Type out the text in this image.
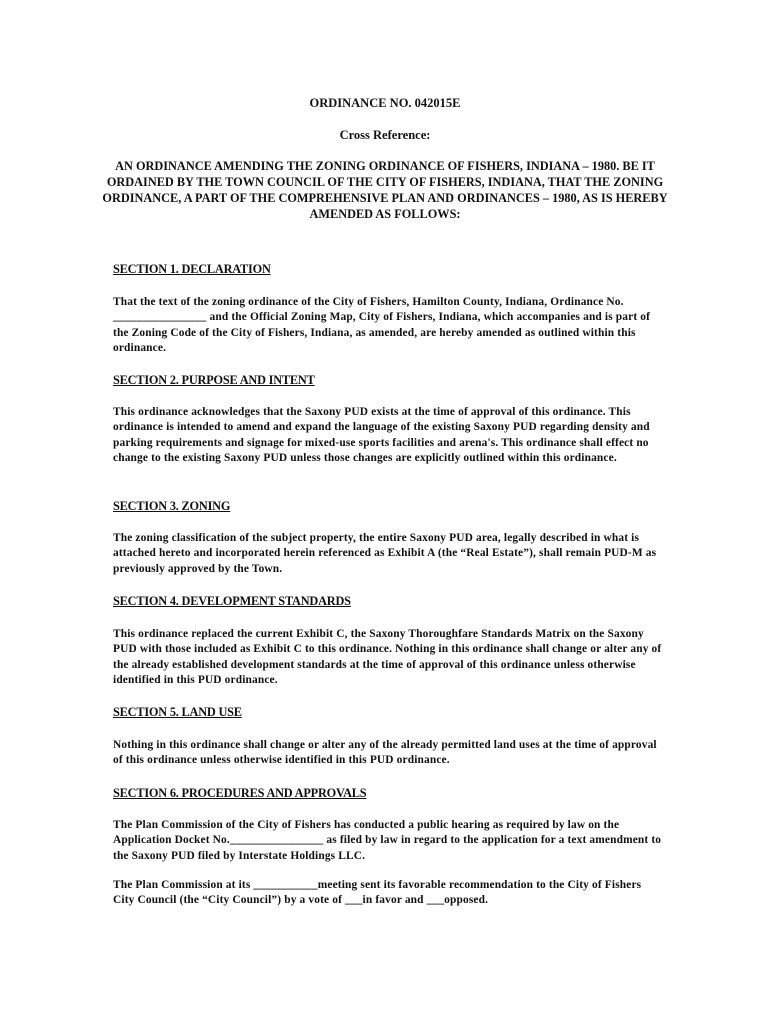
ORDINANCE NO. 042015E
Cross Reference:
AN ORDINANCE AMENDING THE ZONING ORDINANCE OF FISHERS, INDIANA – 1980. BE IT ORDAINED BY THE TOWN COUNCIL OF THE CITY OF FISHERS, INDIANA, THAT THE ZONING ORDINANCE, A PART OF THE COMPREHENSIVE PLAN AND ORDINANCES – 1980, AS IS HEREBY AMENDED AS FOLLOWS:
SECTION 1. DECLARATION
That the text of the zoning ordinance of the City of Fishers, Hamilton County, Indiana, Ordinance No. ________________ and the Official Zoning Map, City of Fishers, Indiana, which accompanies and is part of the Zoning Code of the City of Fishers, Indiana, as amended, are hereby amended as outlined within this ordinance.
SECTION 2. PURPOSE AND INTENT
This ordinance acknowledges that the Saxony PUD exists at the time of approval of this ordinance. This ordinance is intended to amend and expand the language of the existing Saxony PUD regarding density and parking requirements and signage for mixed-use sports facilities and arena's. This ordinance shall effect no change to the existing Saxony PUD unless those changes are explicitly outlined within this ordinance.
SECTION 3. ZONING
The zoning classification of the subject property, the entire Saxony PUD area, legally described in what is attached hereto and incorporated herein referenced as Exhibit A (the “Real Estate”), shall remain PUD-M as previously approved by the Town.
SECTION 4. DEVELOPMENT STANDARDS
This ordinance replaced the current Exhibit C, the Saxony Thoroughfare Standards Matrix on the Saxony PUD with those included as Exhibit C to this ordinance. Nothing in this ordinance shall change or alter any of the already established development standards at the time of approval of this ordinance unless otherwise identified in this PUD ordinance.
SECTION 5. LAND USE
Nothing in this ordinance shall change or alter any of the already permitted land uses at the time of approval of this ordinance unless otherwise identified in this PUD ordinance.
SECTION 6. PROCEDURES AND APPROVALS
The Plan Commission of the City of Fishers has conducted a public hearing as required by law on the Application Docket No.________________ as filed by law in regard to the application for a text amendment to the Saxony PUD filed by Interstate Holdings LLC.
The Plan Commission at its ___________meeting sent its favorable recommendation to the City of Fishers City Council (the “City Council”) by a vote of ___in favor and ___opposed.
